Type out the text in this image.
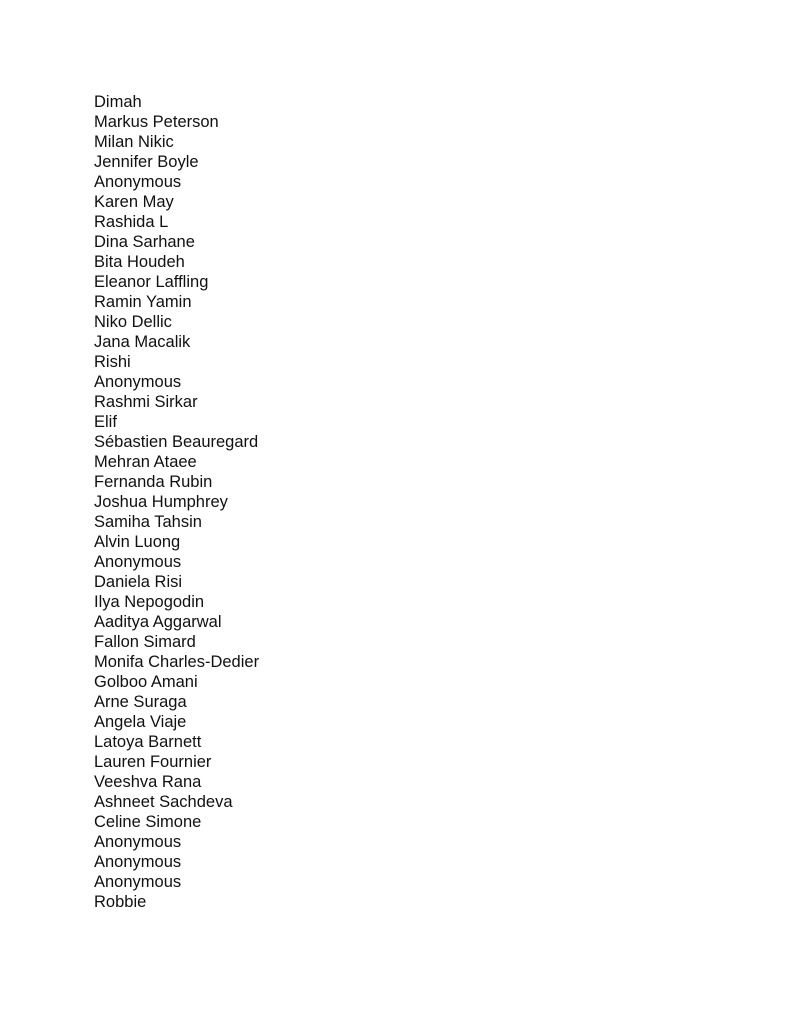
Dimah
Markus Peterson
Milan Nikic
Jennifer Boyle
Anonymous
Karen May
Rashida L
Dina Sarhane
Bita Houdeh
Eleanor Laffling
Ramin Yamin
Niko Dellic
Jana Macalik
Rishi
Anonymous
Rashmi Sirkar
Elif
Sébastien Beauregard
Mehran Ataee
Fernanda Rubin
Joshua Humphrey
Samiha Tahsin
Alvin Luong
Anonymous
Daniela Risi
Ilya Nepogodin
Aaditya Aggarwal
Fallon Simard
Monifa Charles-Dedier
Golboo Amani
Arne Suraga
Angela Viaje
Latoya Barnett
Lauren Fournier
Veeshva Rana
Ashneet Sachdeva
Celine Simone
Anonymous
Anonymous
Anonymous
Robbie
